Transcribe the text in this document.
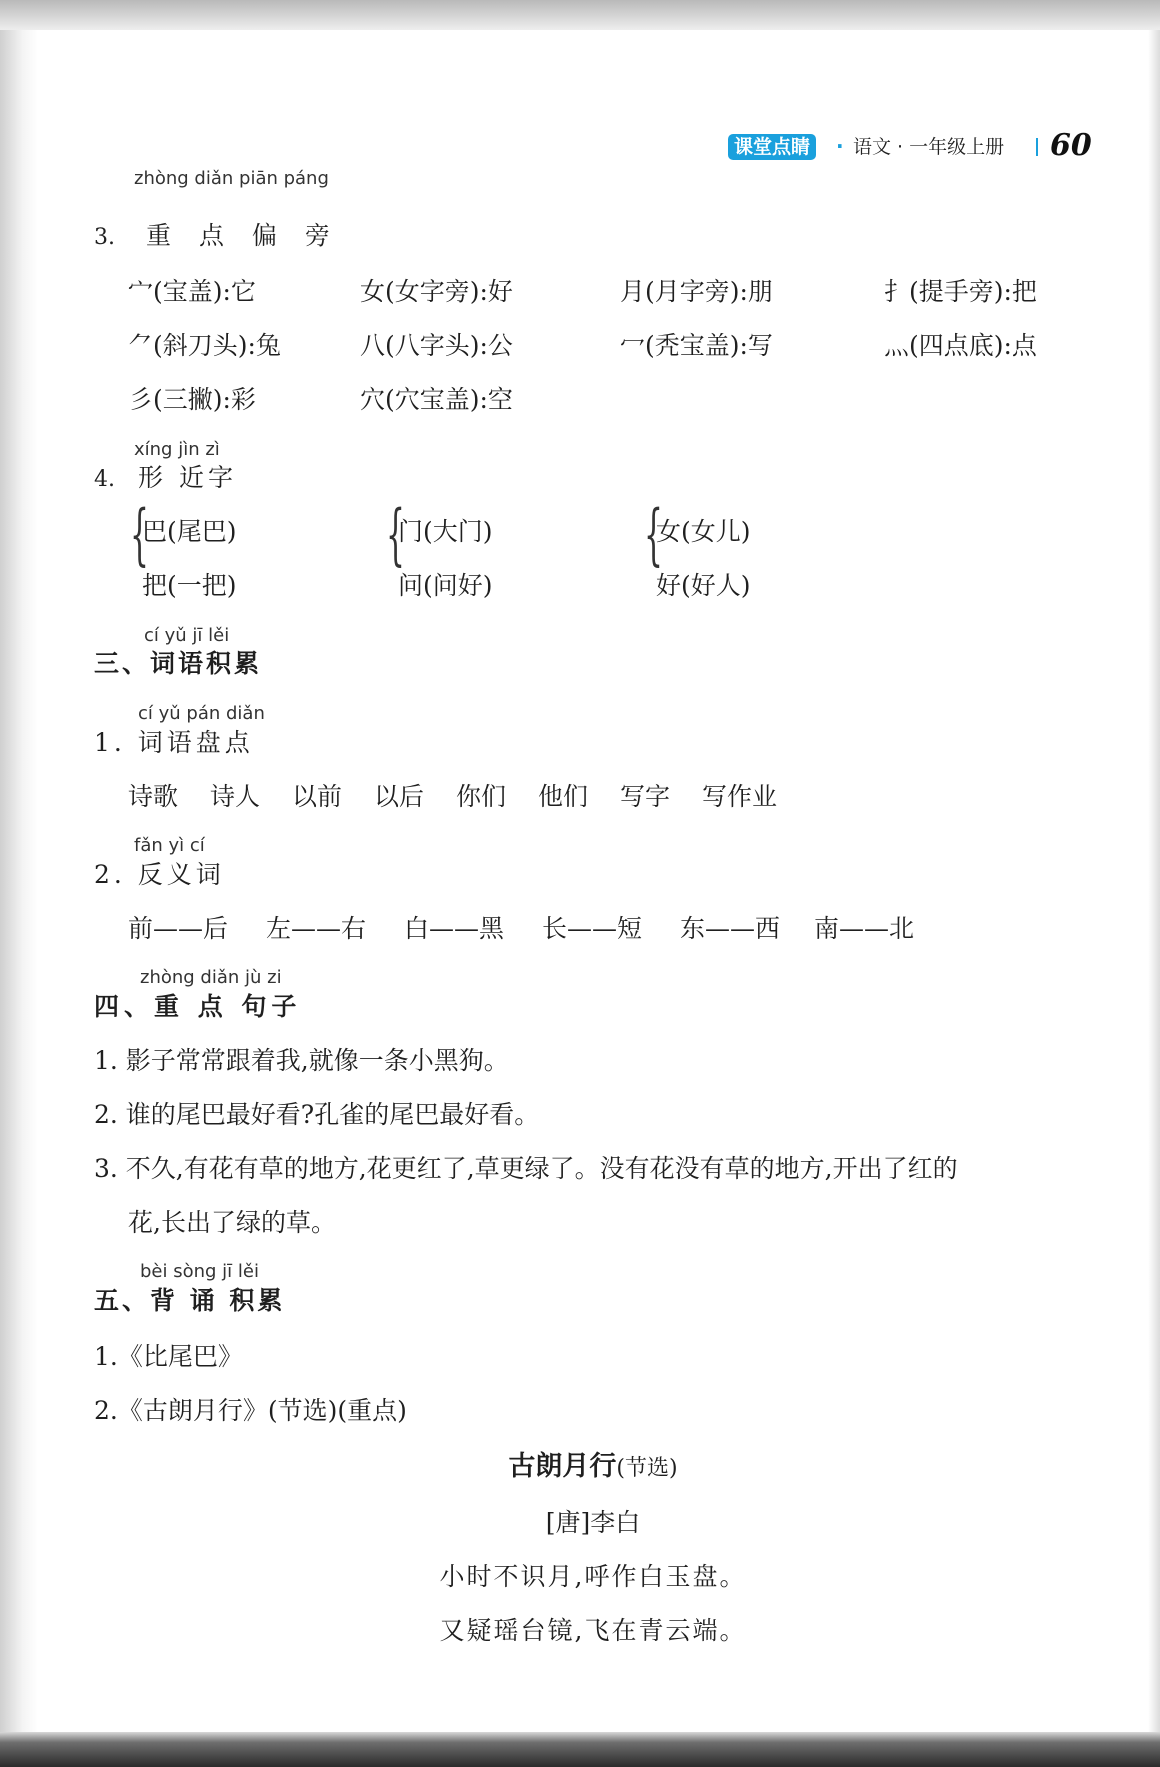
课堂点睛	· 语文 · 一年级上册 60
zhòng diǎn piān páng
3. 重 点 偏 旁
宀(宝盖):它	女(女字旁):好	月(月字旁):朋	扌(提手旁):把
⺈(斜刀头):兔	八(八字头):公	冖(秃宝盖):写	灬(四点底):点
彡(三撇):彩	穴(穴宝盖):空
xíng jìn zì
4. 形 近字
{
巴(尾巴)
把(一把)
{
门(大门)
问(问好)
{
女(女儿)
好(好人)
cí yǔ jī lěi
三、词语积累
cí yǔ pán diǎn
1. 词语盘点
诗歌 诗人 以前 以后 你们 他们 写字 写作业
fǎn yì cí
2. 反义词
前——后 左——右 白——黑 长——短 东——西 南——北
zhòng diǎn jù zi
四、重 点 句子
1. 影子常常跟着我,就像一条小黑狗。
2. 谁的尾巴最好看?孔雀的尾巴最好看。
3. 不久,有花有草的地方,花更红了,草更绿了。没有花没有草的地方,开出了红的
花,长出了绿的草。
bèi sòng jī lěi
五、背 诵 积累
1.《比尾巴》
2.《古朗月行》(节选)(重点)
古朗月行(节选)
[唐]李白
小时不识月,呼作白玉盘。
又疑瑶台镜,飞在青云端。
